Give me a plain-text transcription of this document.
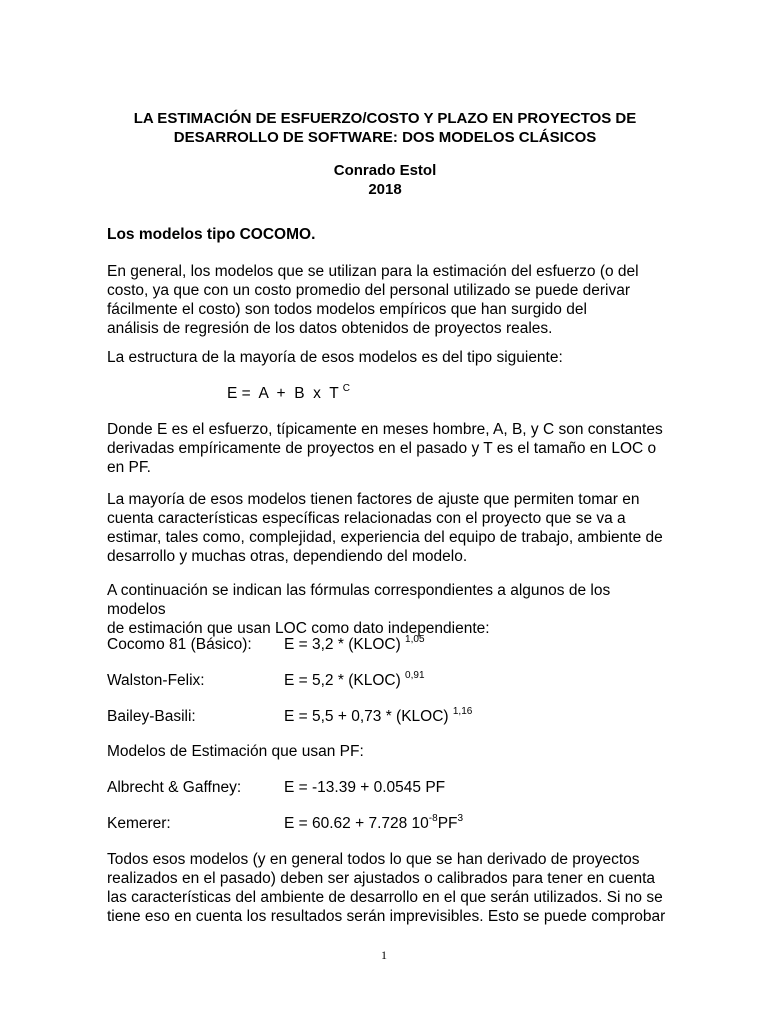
LA ESTIMACIÓN DE ESFUERZO/COSTO Y PLAZO EN PROYECTOS DE
DESARROLLO DE SOFTWARE: DOS MODELOS CLÁSICOS
Conrado Estol
2018
Los modelos tipo COCOMO.
En general, los modelos que se utilizan para la estimación del esfuerzo (o del
costo, ya que con un costo promedio del personal utilizado se puede derivar
fácilmente el costo) son todos modelos empíricos que han surgido del
análisis de regresión de los datos obtenidos de proyectos reales.
La estructura de la mayoría de esos modelos es del tipo siguiente:
E =  A  +  B  x  T $^C$
Donde E es el esfuerzo, típicamente en meses hombre, A, B, y C son constantes
derivadas empíricamente de proyectos en el pasado y T es el tamaño en LOC o
en PF.
La mayoría de esos modelos tienen factores de ajuste que permiten tomar en
cuenta características específicas relacionadas con el proyecto que se va a
estimar, tales como, complejidad, experiencia del equipo de trabajo, ambiente de
desarrollo y muchas otras, dependiendo del modelo.
A continuación se indican las fórmulas correspondientes a algunos de los modelos
de estimación que usan LOC como dato independiente:
Cocomo 81 (Básico): E = 3,2 * (KLOC) $^{1,05}$
Walston-Felix:	E = 5,2 * (KLOC) $^{0,91}$
Bailey-Basili:	E = 5,5 + 0,73 * (KLOC) $^{1,16}$
Modelos de Estimación que usan PF:
Albrecht & Gaffney:	E = -13.39 + 0.0545 PF
Kemerer:	E = 60.62 + 7.728 $10^{-8}PF^3$
Todos esos modelos (y en general todos lo que se han derivado de proyectos
realizados en el pasado) deben ser ajustados o calibrados para tener en cuenta
las características del ambiente de desarrollo en el que serán utilizados. Si no se
tiene eso en cuenta los resultados serán imprevisibles. Esto se puede comprobar
1
